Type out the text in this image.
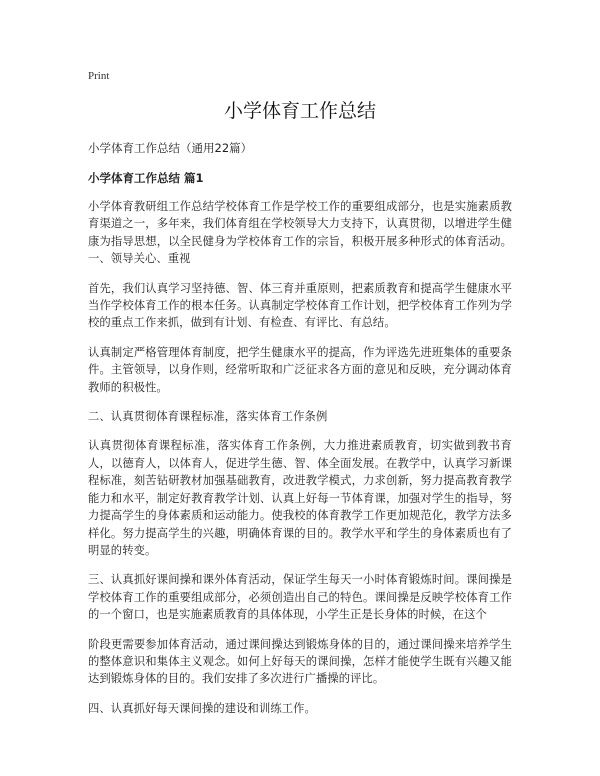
Print
小学体育工作总结

小学体育工作总结（通用22篇）

小学体育工作总结 篇1

小学体育教研组工作总结学校体育工作是学校工作的重要组成部分，也是实施素质教育渠道之一，多年来，我们体育组在学校领导大力支持下，认真贯彻，以增进学生健康为指导思想，以全民健身为学校体育工作的宗旨，积极开展多种形式的体育活动。一、领导关心、重视

首先，我们认真学习坚持德、智、体三育并重原则，把素质教育和提高学生健康水平当作学校体育工作的根本任务。认真制定学校体育工作计划，把学校体育工作列为学校的重点工作来抓，做到有计划、有检查、有评比、有总结。

认真制定严格管理体育制度，把学生健康水平的提高，作为评选先进班集体的重要条件。主管领导，以身作则，经常听取和广泛征求各方面的意见和反映，充分调动体育教师的积极性。

二、认真贯彻体育课程标准，落实体育工作条例

认真贯彻体育课程标准，落实体育工作条例，大力推进素质教育，切实做到教书育人，以德育人，以体育人，促进学生德、智、体全面发展。在教学中，认真学习新课程标准，刻苦钻研教材加强基础教育，改进教学模式，力求创新，努力提高教育教学能力和水平，制定好教育教学计划、认真上好每一节体育课，加强对学生的指导，努力提高学生的身体素质和运动能力。使我校的体育教学工作更加规范化，教学方法多样化。努力提高学生的兴趣，明确体育课的目的。教学水平和学生的身体素质也有了明显的转变。

三、认真抓好课间操和课外体育活动，保证学生每天一小时体育锻炼时间。课间操是学校体育工作的重要组成部分，必须创造出自己的特色。课间操是反映学校体育工作的一个窗口，也是实施素质教育的具体体现，小学生正是长身体的时候，在这个

阶段更需要参加体育活动，通过课间操达到锻炼身体的目的，通过课间操来培养学生的整体意识和集体主义观念。如何上好每天的课间操，怎样才能使学生既有兴趣又能达到锻炼身体的目的。我们安排了多次进行广播操的评比。

四、认真抓好每天课间操的建设和训练工作。
